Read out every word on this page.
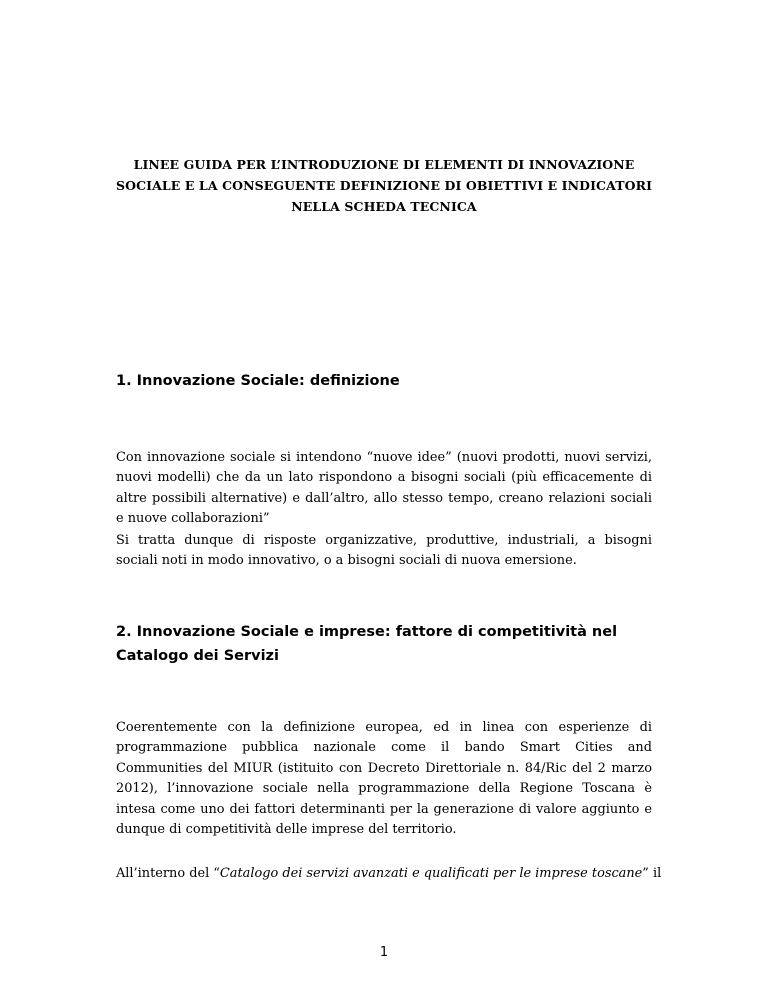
LINEE GUIDA PER L’INTRODUZIONE DI ELEMENTI DI INNOVAZIONE
SOCIALE E LA CONSEGUENTE DEFINIZIONE DI OBIETTIVI E INDICATORI
NELLA SCHEDA TECNICA
1. Innovazione Sociale: definizione
Con innovazione sociale si intendono “nuove idee” (nuovi prodotti, nuovi servizi,
nuovi modelli) che da un lato rispondono a bisogni sociali (più efficacemente di
altre possibili alternative) e dall’altro, allo stesso tempo, creano relazioni sociali
e nuove collaborazioni”
Si tratta dunque di risposte organizzative, produttive, industriali, a bisogni
sociali noti in modo innovativo, o a bisogni sociali di nuova emersione.
2. Innovazione Sociale e imprese: fattore di competitività nel Catalogo dei Servizi
Coerentemente con la definizione europea, ed in linea con esperienze di
programmazione pubblica nazionale come il bando Smart Cities and
Communities del MIUR (istituito con Decreto Direttoriale n. 84/Ric del 2 marzo
2012), l’innovazione sociale nella programmazione della Regione Toscana è
intesa come uno dei fattori determinanti per la generazione di valore aggiunto e
dunque di competitività delle imprese del territorio.
All’interno del “Catalogo dei servizi avanzati e qualificati per le imprese toscane” il
1
